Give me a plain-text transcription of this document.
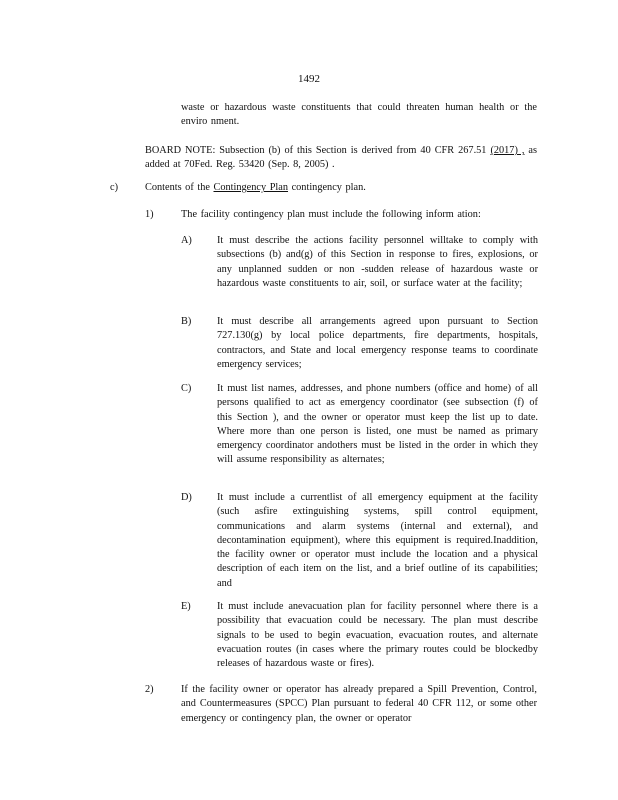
1492
waste or hazardous waste constituents that could threaten human health or the enviro nment.
BOARD NOTE: Subsection (b) of this Section is derived from 40 CFR 267.51 (2017) , as added at 70Fed. Reg. 53420 (Sep. 8, 2005) .
c)	Contents of the Contingency Plan contingency plan.
1)	The facility contingency plan must include the following inform ation:
A) It must describe the actions facility personnel willtake to comply with subsections (b) and(g) of this Section in response to fires, explosions, or any unplanned sudden or non -sudden release of hazardous waste or hazardous waste constituents to air, soil, or surface water at the facility;
B) It must describe all arrangements agreed upon pursuant to Section 727.130(g) by local police departments, fire departments, hospitals, contractors, and State and local emergency response teams to coordinate emergency services;
C) It must list names, addresses, and phone numbers (office and home) of all persons qualified to act as emergency coordinator (see subsection (f) of this Section ), and the owner or operator must keep the list up to date. Where more than one person is listed, one must be named as primary emergency coordinator andothers must be listed in the order in which they will assume responsibility as alternates;
D) It must include a currentlist of all emergency equipment at the facility (such asfire extinguishing systems, spill control equipment, communications and alarm systems (internal and external), and decontamination equipment), where this equipment is required.Inaddition, the facility owner or operator must include the location and a physical description of each item on the list, and a brief outline of its capabilities; and
E)	It must include anevacuation plan for facility personnel where there is a possibility that evacuation could be necessary. The plan must describe signals to be used to begin evacuation, evacuation routes, and alternate evacuation routes (in cases where the primary routes could be blockedby releases of hazardous waste or fires).
2)	If the facility owner or operator has already prepared a Spill Prevention, Control, and Countermeasures (SPCC) Plan pursuant to federal 40 CFR 112, or some other emergency or contingency plan, the owner or operator
